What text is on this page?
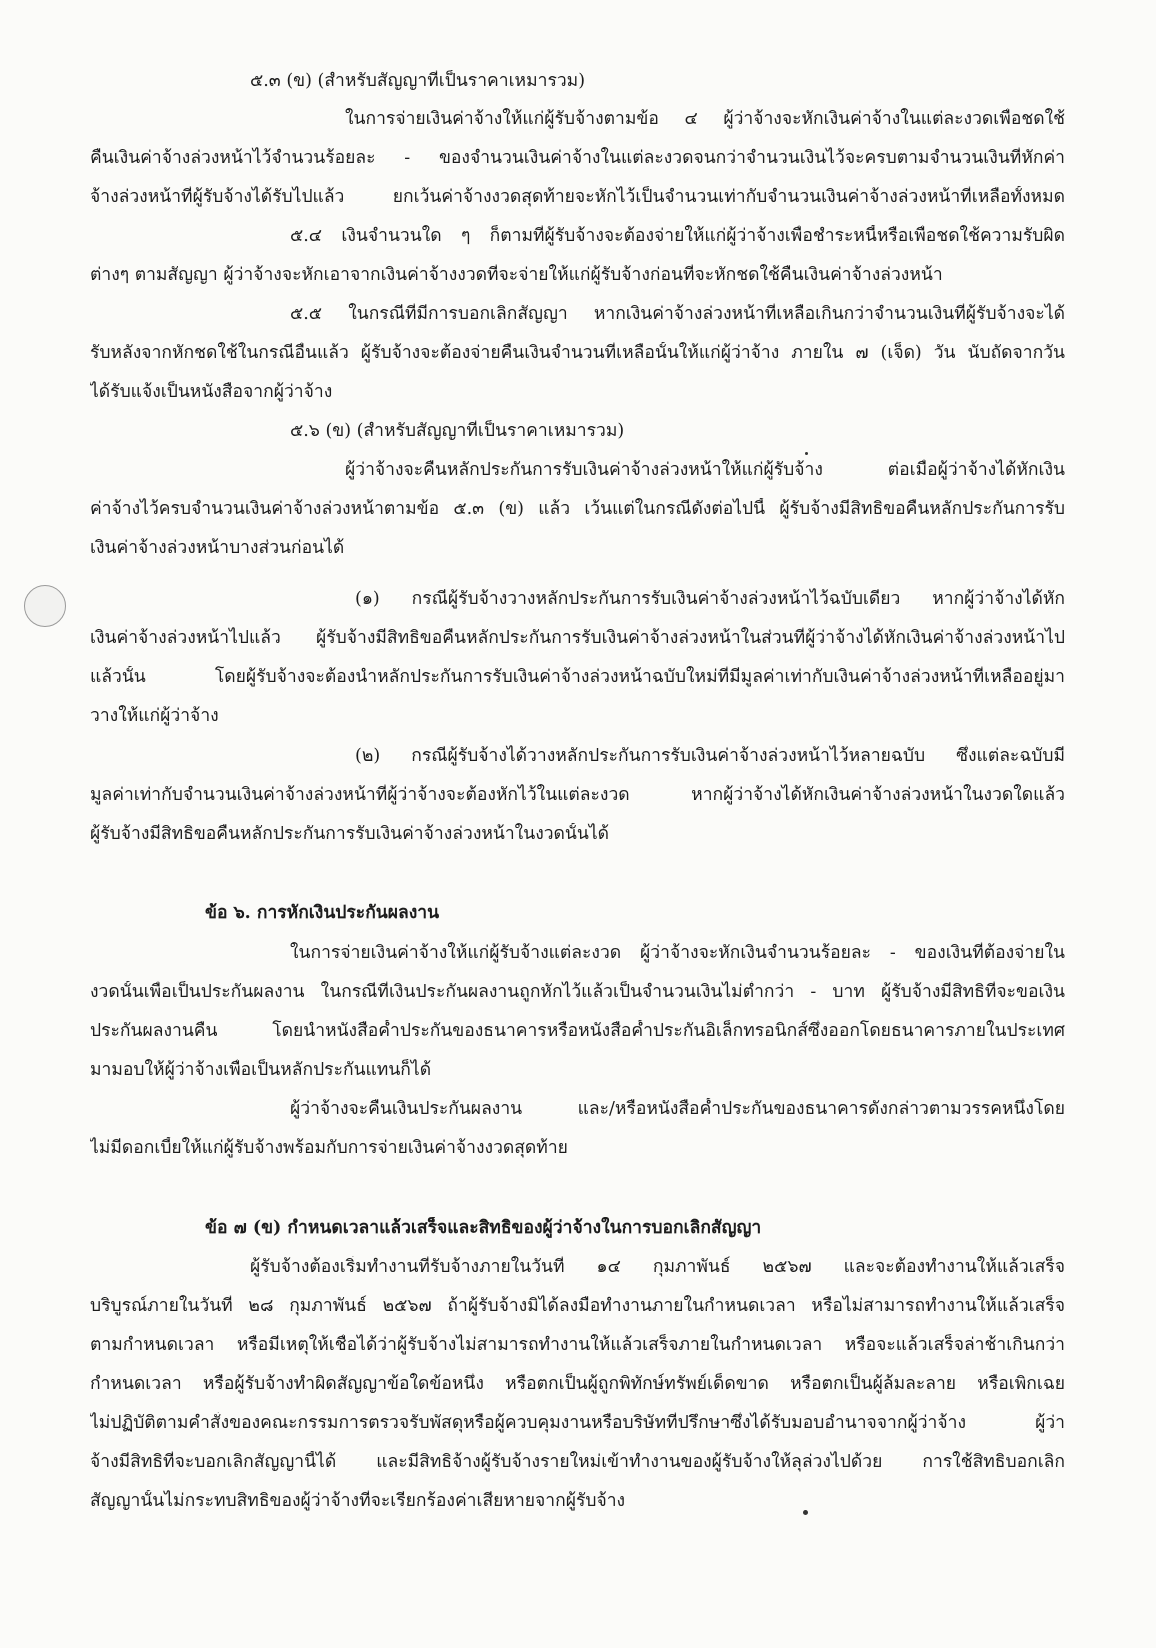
๕.๓ (ข) (สำหรับสัญญาที่เป็นราคาเหมารวม)
ในการจ่ายเงินค่าจ้างให้แก่ผู้รับจ้างตามข้อ ๔ ผู้ว่าจ้างจะหักเงินค่าจ้างในแต่ละงวดเพื่อชดใช้
คืนเงินค่าจ้างล่วงหน้าไว้จำนวนร้อยละ - ของจำนวนเงินค่าจ้างในแต่ละงวดจนกว่าจำนวนเงินไว้จะครบตามจำนวนเงินที่หักค่า
จ้างล่วงหน้าที่ผู้รับจ้างได้รับไปแล้ว ยกเว้นค่าจ้างงวดสุดท้ายจะหักไว้เป็นจำนวนเท่ากับจำนวนเงินค่าจ้างล่วงหน้าที่เหลือทั้งหมด
๕.๔ เงินจำนวนใด ๆ ก็ตามที่ผู้รับจ้างจะต้องจ่ายให้แก่ผู้ว่าจ้างเพื่อชำระหนี้หรือเพื่อชดใช้ความรับผิด
ต่างๆ ตามสัญญา ผู้ว่าจ้างจะหักเอาจากเงินค่าจ้างงวดที่จะจ่ายให้แก่ผู้รับจ้างก่อนที่จะหักชดใช้คืนเงินค่าจ้างล่วงหน้า
๕.๕ ในกรณีที่มีการบอกเลิกสัญญา หากเงินค่าจ้างล่วงหน้าที่เหลือเกินกว่าจำนวนเงินที่ผู้รับจ้างจะได้
รับหลังจากหักชดใช้ในกรณีอื่นแล้ว ผู้รับจ้างจะต้องจ่ายคืนเงินจำนวนที่เหลือนั้นให้แก่ผู้ว่าจ้าง ภายใน ๗ (เจ็ด) วัน นับถัดจากวัน
ได้รับแจ้งเป็นหนังสือจากผู้ว่าจ้าง
๕.๖ (ข) (สำหรับสัญญาที่เป็นราคาเหมารวม)
ผู้ว่าจ้างจะคืนหลักประกันการรับเงินค่าจ้างล่วงหน้าให้แก่ผู้รับจ้าง ต่อเมื่อผู้ว่าจ้างได้หักเงิน
ค่าจ้างไว้ครบจำนวนเงินค่าจ้างล่วงหน้าตามข้อ ๕.๓ (ข) แล้ว เว้นแต่ในกรณีดังต่อไปนี้ ผู้รับจ้างมีสิทธิขอคืนหลักประกันการรับ
เงินค่าจ้างล่วงหน้าบางส่วนก่อนได้
(๑) กรณีผู้รับจ้างวางหลักประกันการรับเงินค่าจ้างล่วงหน้าไว้ฉบับเดียว หากผู้ว่าจ้างได้หัก
เงินค่าจ้างล่วงหน้าไปแล้ว ผู้รับจ้างมีสิทธิขอคืนหลักประกันการรับเงินค่าจ้างล่วงหน้าในส่วนที่ผู้ว่าจ้างได้หักเงินค่าจ้างล่วงหน้าไป
แล้วนั้น โดยผู้รับจ้างจะต้องนำหลักประกันการรับเงินค่าจ้างล่วงหน้าฉบับใหม่ที่มีมูลค่าเท่ากับเงินค่าจ้างล่วงหน้าที่เหลืออยู่มา
วางให้แก่ผู้ว่าจ้าง
(๒) กรณีผู้รับจ้างได้วางหลักประกันการรับเงินค่าจ้างล่วงหน้าไว้หลายฉบับ ซึ่งแต่ละฉบับมี
มูลค่าเท่ากับจำนวนเงินค่าจ้างล่วงหน้าที่ผู้ว่าจ้างจะต้องหักไว้ในแต่ละงวด หากผู้ว่าจ้างได้หักเงินค่าจ้างล่วงหน้าในงวดใดแล้ว
ผู้รับจ้างมีสิทธิขอคืนหลักประกันการรับเงินค่าจ้างล่วงหน้าในงวดนั้นได้
ข้อ ๖. การหักเงินประกันผลงาน
ในการจ่ายเงินค่าจ้างให้แก่ผู้รับจ้างแต่ละงวด ผู้ว่าจ้างจะหักเงินจำนวนร้อยละ - ของเงินที่ต้องจ่ายใน
งวดนั้นเพื่อเป็นประกันผลงาน ในกรณีที่เงินประกันผลงานถูกหักไว้แล้วเป็นจำนวนเงินไม่ต่ำกว่า - บาท ผู้รับจ้างมีสิทธิที่จะขอเงิน
ประกันผลงานคืน โดยนำหนังสือค้ำประกันของธนาคารหรือหนังสือค้ำประกันอิเล็กทรอนิกส์ซึ่งออกโดยธนาคารภายในประเทศ
มามอบให้ผู้ว่าจ้างเพื่อเป็นหลักประกันแทนก็ได้
ผู้ว่าจ้างจะคืนเงินประกันผลงาน และ/หรือหนังสือค้ำประกันของธนาคารดังกล่าวตามวรรคหนึ่งโดย
ไม่มีดอกเบี้ยให้แก่ผู้รับจ้างพร้อมกับการจ่ายเงินค่าจ้างงวดสุดท้าย
ข้อ ๗ (ข) กำหนดเวลาแล้วเสร็จและสิทธิของผู้ว่าจ้างในการบอกเลิกสัญญา
ผู้รับจ้างต้องเริ่มทำงานที่รับจ้างภายในวันที่ ๑๔ กุมภาพันธ์ ๒๕๖๗ และจะต้องทำงานให้แล้วเสร็จ
บริบูรณ์ภายในวันที่ ๒๘ กุมภาพันธ์ ๒๕๖๗ ถ้าผู้รับจ้างมิได้ลงมือทำงานภายในกำหนดเวลา หรือไม่สามารถทำงานให้แล้วเสร็จ
ตามกำหนดเวลา หรือมีเหตุให้เชื่อได้ว่าผู้รับจ้างไม่สามารถทำงานให้แล้วเสร็จภายในกำหนดเวลา หรือจะแล้วเสร็จล่าช้าเกินกว่า
กำหนดเวลา หรือผู้รับจ้างทำผิดสัญญาข้อใดข้อหนึ่ง หรือตกเป็นผู้ถูกพิทักษ์ทรัพย์เด็ดขาด หรือตกเป็นผู้ล้มละลาย หรือเพิกเฉย
ไม่ปฏิบัติตามคำสั่งของคณะกรรมการตรวจรับพัสดุหรือผู้ควบคุมงานหรือบริษัทที่ปรึกษาซึ่งได้รับมอบอำนาจจากผู้ว่าจ้าง ผู้ว่า
จ้างมีสิทธิที่จะบอกเลิกสัญญานี้ได้ และมีสิทธิจ้างผู้รับจ้างรายใหม่เข้าทำงานของผู้รับจ้างให้ลุล่วงไปด้วย การใช้สิทธิบอกเลิก
สัญญานั้นไม่กระทบสิทธิของผู้ว่าจ้างที่จะเรียกร้องค่าเสียหายจากผู้รับจ้าง
